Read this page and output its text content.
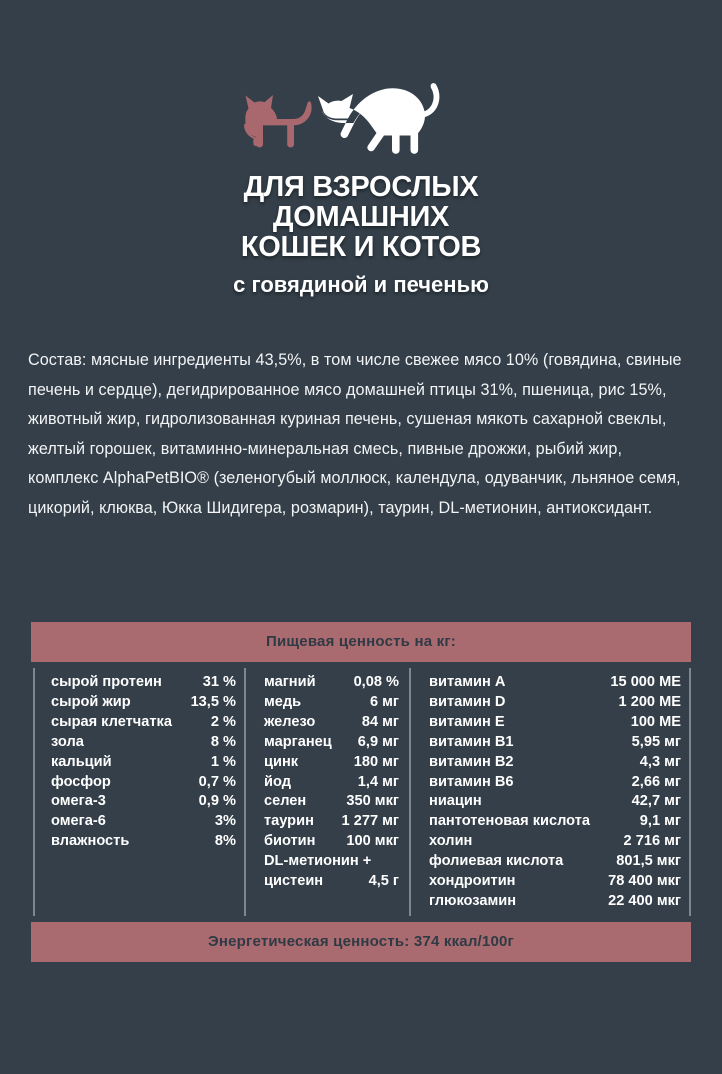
ДЛЯ ВЗРОСЛЫХ
ДОМАШНИХ
КОШЕК И КОТОВ
с говядиной и печенью
Состав: мясные ингредиенты 43,5%, в том числе свежее мясо 10% (говядина, свиные печень и сердце), дегидрированное мясо домашней птицы 31%, пшеница, рис 15%, животный жир, гидролизованная куриная печень, сушеная мякоть сахарной свеклы, желтый горошек, витаминно-минеральная смесь, пивные дрожжи, рыбий жир, комплекс AlphaPetBIO® (зеленогубый моллюск, календула, одуванчик, льняное семя, цикорий, клюква, Юкка Шидигера, розмарин), таурин, DL-метионин, антиоксидант.
Пищевая ценность на кг:
сырой протеин	31 %
сырой жир	13,5 %
сырая клетчатка	2 %
зола	8 %
кальций	1 %
фосфор	0,7 %
омега-3	0,9 %
омега-6	3%
влажность	8%
магний	0,08 %
медь	6 мг
железо	84 мг
марганец	6,9 мг
цинк	180 мг
йод	1,4 мг
селен	350 мкг
таурин	1 277 мг
биотин	100 мкг
DL-метионин +
цистеин	4,5 г
витамин A	15 000 МЕ
витамин D	1 200 МЕ
витамин E	100 МЕ
витамин B1	5,95 мг
витамин B2	4,3 мг
витамин B6	2,66 мг
ниацин	42,7 мг
пантотеновая кислота	9,1 мг
холин	2 716 мг
фолиевая кислота	801,5 мкг
хондроитин	78 400 мкг
глюкозамин	22 400 мкг
Энергетическая ценность: 374 ккал/100г
